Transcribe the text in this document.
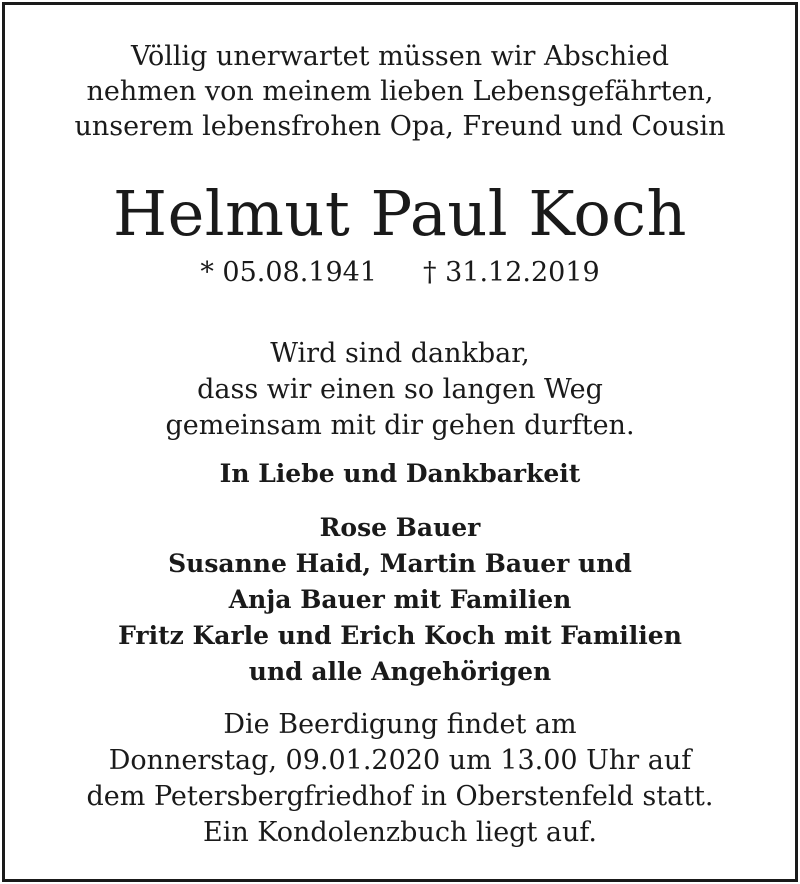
Völlig unerwartet müssen wir Abschied
nehmen von meinem lieben Lebensgefährten,
unserem lebensfrohen Opa, Freund und Cousin
Helmut Paul Koch
* 05.08.1941 † 31.12.2019
Wird sind dankbar,
dass wir einen so langen Weg
gemeinsam mit dir gehen durften.
In Liebe und Dankbarkeit
Rose Bauer
Susanne Haid, Martin Bauer und
Anja Bauer mit Familien
Fritz Karle und Erich Koch mit Familien
und alle Angehörigen
Die Beerdigung findet am
Donnerstag, 09.01.2020 um 13.00 Uhr auf
dem Petersbergfriedhof in Oberstenfeld statt.
Ein Kondolenzbuch liegt auf.
